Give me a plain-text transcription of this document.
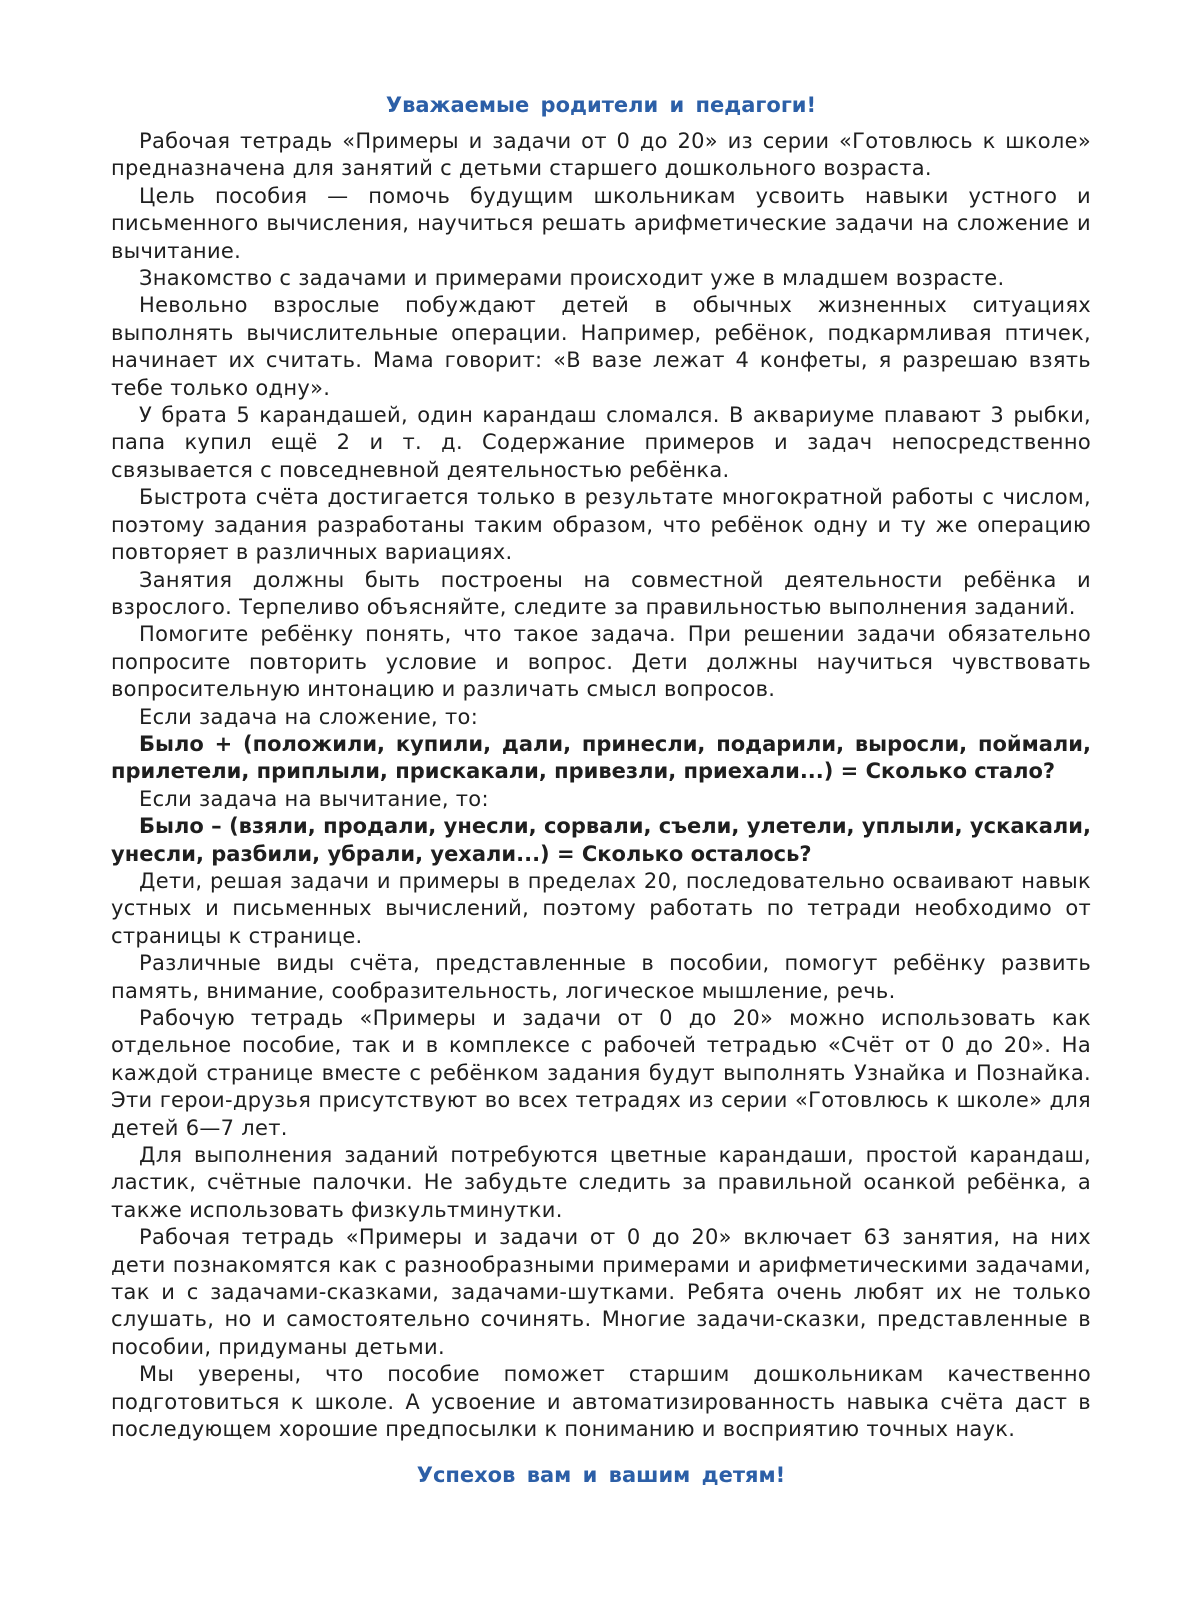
Уважаемые родители и педагоги!

Рабочая тетрадь «Примеры и задачи от 0 до 20» из серии «Готовлюсь к школе» предназначена для занятий с детьми старшего дошкольного возраста.

Цель пособия — помочь будущим школьникам усвоить навыки устного и письменного вычисления, научиться решать арифметические задачи на сложение и вычитание.

Знакомство с задачами и примерами происходит уже в младшем возрасте.

Невольно взрослые побуждают детей в обычных жизненных ситуациях выполнять вычислительные операции. Например, ребёнок, подкармливая птичек, начинает их считать. Мама говорит: «В вазе лежат 4 конфеты, я разрешаю взять тебе только одну».

У брата 5 карандашей, один карандаш сломался. В аквариуме плавают 3 рыбки, папа купил ещё 2 и т. д. Содержание примеров и задач непосредственно связывается с повседневной деятельностью ребёнка.

Быстрота счёта достигается только в результате многократной работы с числом, поэтому задания разработаны таким образом, что ребёнок одну и ту же операцию повторяет в различных вариациях.

Занятия должны быть построены на совместной деятельности ребёнка и взрослого. Терпеливо объясняйте, следите за правильностью выполнения заданий.

Помогите ребёнку понять, что такое задача. При решении задачи обязательно попросите повторить условие и вопрос. Дети должны научиться чувствовать вопросительную интонацию и различать смысл вопросов.

Если задача на сложение, то:

Было + (положили, купили, дали, принесли, подарили, выросли, поймали, прилетели, приплыли, прискакали, привезли, приехали...) = Сколько стало?

Если задача на вычитание, то:

Было – (взяли, продали, унесли, сорвали, съели, улетели, уплыли, ускакали, унесли, разбили, убрали, уехали...) = Сколько осталось?

Дети, решая задачи и примеры в пределах 20, последовательно осваивают навык устных и письменных вычислений, поэтому работать по тетради необходимо от страницы к странице.

Различные виды счёта, представленные в пособии, помогут ребёнку развить память, внимание, сообразительность, логическое мышление, речь.

Рабочую тетрадь «Примеры и задачи от 0 до 20» можно использовать как отдельное пособие, так и в комплексе с рабочей тетрадью «Счёт от 0 до 20». На каждой странице вместе с ребёнком задания будут выполнять Узнайка и Познайка. Эти герои-друзья присутствуют во всех тетрадях из серии «Готовлюсь к школе» для детей 6—7 лет.

Для выполнения заданий потребуются цветные карандаши, простой карандаш, ластик, счётные палочки. Не забудьте следить за правильной осанкой ребёнка, а также использовать физкультминутки.

Рабочая тетрадь «Примеры и задачи от 0 до 20» включает 63 занятия, на них дети познакомятся как с разнообразными примерами и арифметическими задачами, так и с задачами-сказками, задачами-шутками. Ребята очень любят их не только слушать, но и самостоятельно сочинять. Многие задачи-сказки, представленные в пособии, придуманы детьми.

Мы уверены, что пособие поможет старшим дошкольникам качественно подготовиться к школе. А усвоение и автоматизированность навыка счёта даст в последующем хорошие предпосылки к пониманию и восприятию точных наук.

Успехов вам и вашим детям!
